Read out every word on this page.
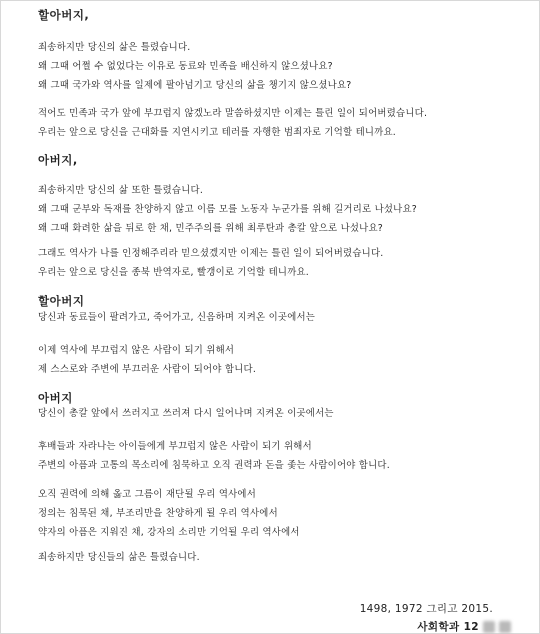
할아버지,
죄송하지만 당신의 삶은 틀렸습니다.
왜 그때 어쩔 수 없었다는 이유로 동료와 민족을 배신하지 않으셨나요?
왜 그때 국가와 역사를 일제에 팔아넘기고 당신의 삶을 챙기지 않으셨나요?
적어도 민족과 국가 앞에 부끄럽지 않겠노라 말씀하셨지만 이제는 틀린 일이 되어버렸습니다.
우리는 앞으로 당신을 근대화를 지연시키고 테러를 자행한 범죄자로 기억할 테니까요.
아버지,
죄송하지만 당신의 삶 또한 틀렸습니다.
왜 그때 군부와 독재를 찬양하지 않고 이름 모를 노동자 누군가를 위해 길거리로 나섰나요?
왜 그때 화려한 삶을 뒤로 한 채, 민주주의를 위해 최루탄과 총칼 앞으로 나섰나요?
그래도 역사가 나를 인정해주리라 믿으셨겠지만 이제는 틀린 일이 되어버렸습니다.
우리는 앞으로 당신을 종북 반역자로, 빨갱이로 기억할 테니까요.
할아버지
당신과 동료들이 팔려가고, 죽어가고, 신음하며 지켜온 이곳에서는
이제 역사에 부끄럽지 않은 사람이 되기 위해서
제 스스로와 주변에 부끄러운 사람이 되어야 합니다.
아버지
당신이 총칼 앞에서 쓰러지고 쓰러져 다시 일어나며 지켜온 이곳에서는
후배들과 자라나는 아이들에게 부끄럽지 않은 사람이 되기 위해서
주변의 아픔과 고통의 목소리에 침묵하고 오직 권력과 돈을 좇는 사람이어야 합니다.
오직 권력에 의해 옳고 그름이 재단될 우리 역사에서
정의는 침묵된 채, 부조리만을 찬양하게 될 우리 역사에서
약자의 아픔은 지워진 채, 강자의 소리만 기억될 우리 역사에서
죄송하지만 당신들의 삶은 틀렸습니다.
1498, 1972 그리고 2015.
사회학과 12
